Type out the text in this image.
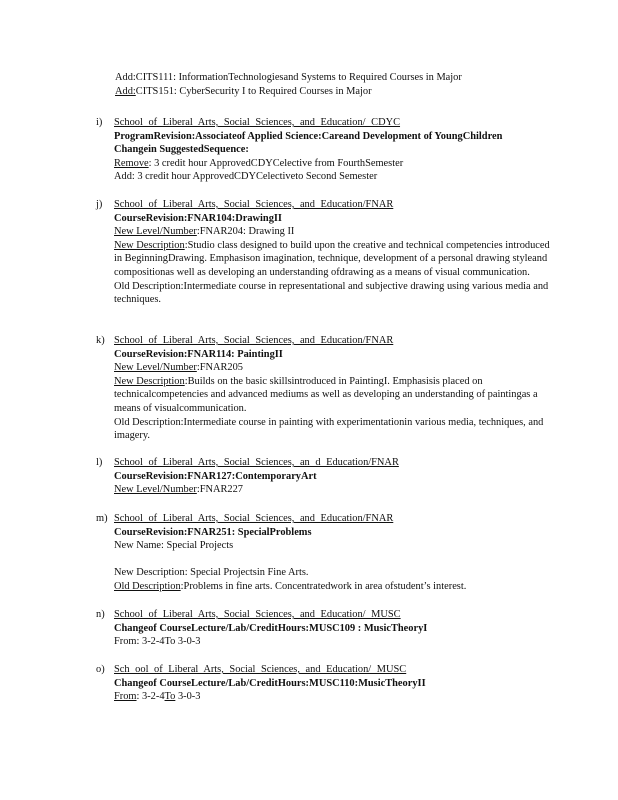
Add:CITS111: InformationTechnologiesand Systems to Required Courses in Major
Add:CITS151: CyberSecurity I to Required Courses in Major
i)	School of Liberal Arts, Social Sciences, and Education/ CDYC
ProgramRevision:Associateof Applied Science:Careand Development of YoungChildren
Changein SuggestedSequence:
Remove: 3 credit hour ApprovedCDYCelective from FourthSemester
Add: 3 credit hour ApprovedCDYCelectiveto Second Semester
j)	School of Liberal Arts, Social Sciences, and Education/FNAR
CourseRevision:FNAR104:DrawingII
New Level/Number:FNAR204: Drawing II
New Description:Studio class designed to build upon the creative and technical competencies introduced in BeginningDrawing. Emphasison imagination, technique, development of a personal drawing styleand compositionas well as developing an understanding ofdrawing as a means of visual communication.
Old Description:Intermediate course in representational and subjective drawing using various media and techniques.
k) School of Liberal Arts, Social Sciences, and Education/FNAR
CourseRevision:FNAR114: PaintingII
New Level/Number:FNAR205
New Description:Builds on the basic skillsintroduced in PaintingI. Emphasisis placed on technicalcompetencies and advanced mediums as well as developing an understanding of paintingas a means of visualcommunication.
Old Description:Intermediate course in painting with experimentationin various media, techniques, and imagery.
l)	School of Liberal Arts, Social Sciences, an d Education/FNAR
CourseRevision:FNAR127:ContemporaryArt
New Level/Number:FNAR227
m) School of Liberal Arts, Social Sciences, and Education/FNAR
CourseRevision:FNAR251: SpecialProblems
New Name: Special Projects
New Description: Special Projectsin Fine Arts.
Old Description:Problems in fine arts. Concentratedwork in area ofstudent’s interest.
n) School of Liberal Arts, Social Sciences, and Education/ MUSC
Changeof CourseLecture/Lab/CreditHours:MUSC109 : MusicTheoryI
From: 3-2-4To 3-0-3
o) Sch ool of Liberal Arts, Social Sciences, and Education/ MUSC
Changeof CourseLecture/Lab/CreditHours:MUSC110:MusicTheoryII
From: 3-2-4To 3-0-3
